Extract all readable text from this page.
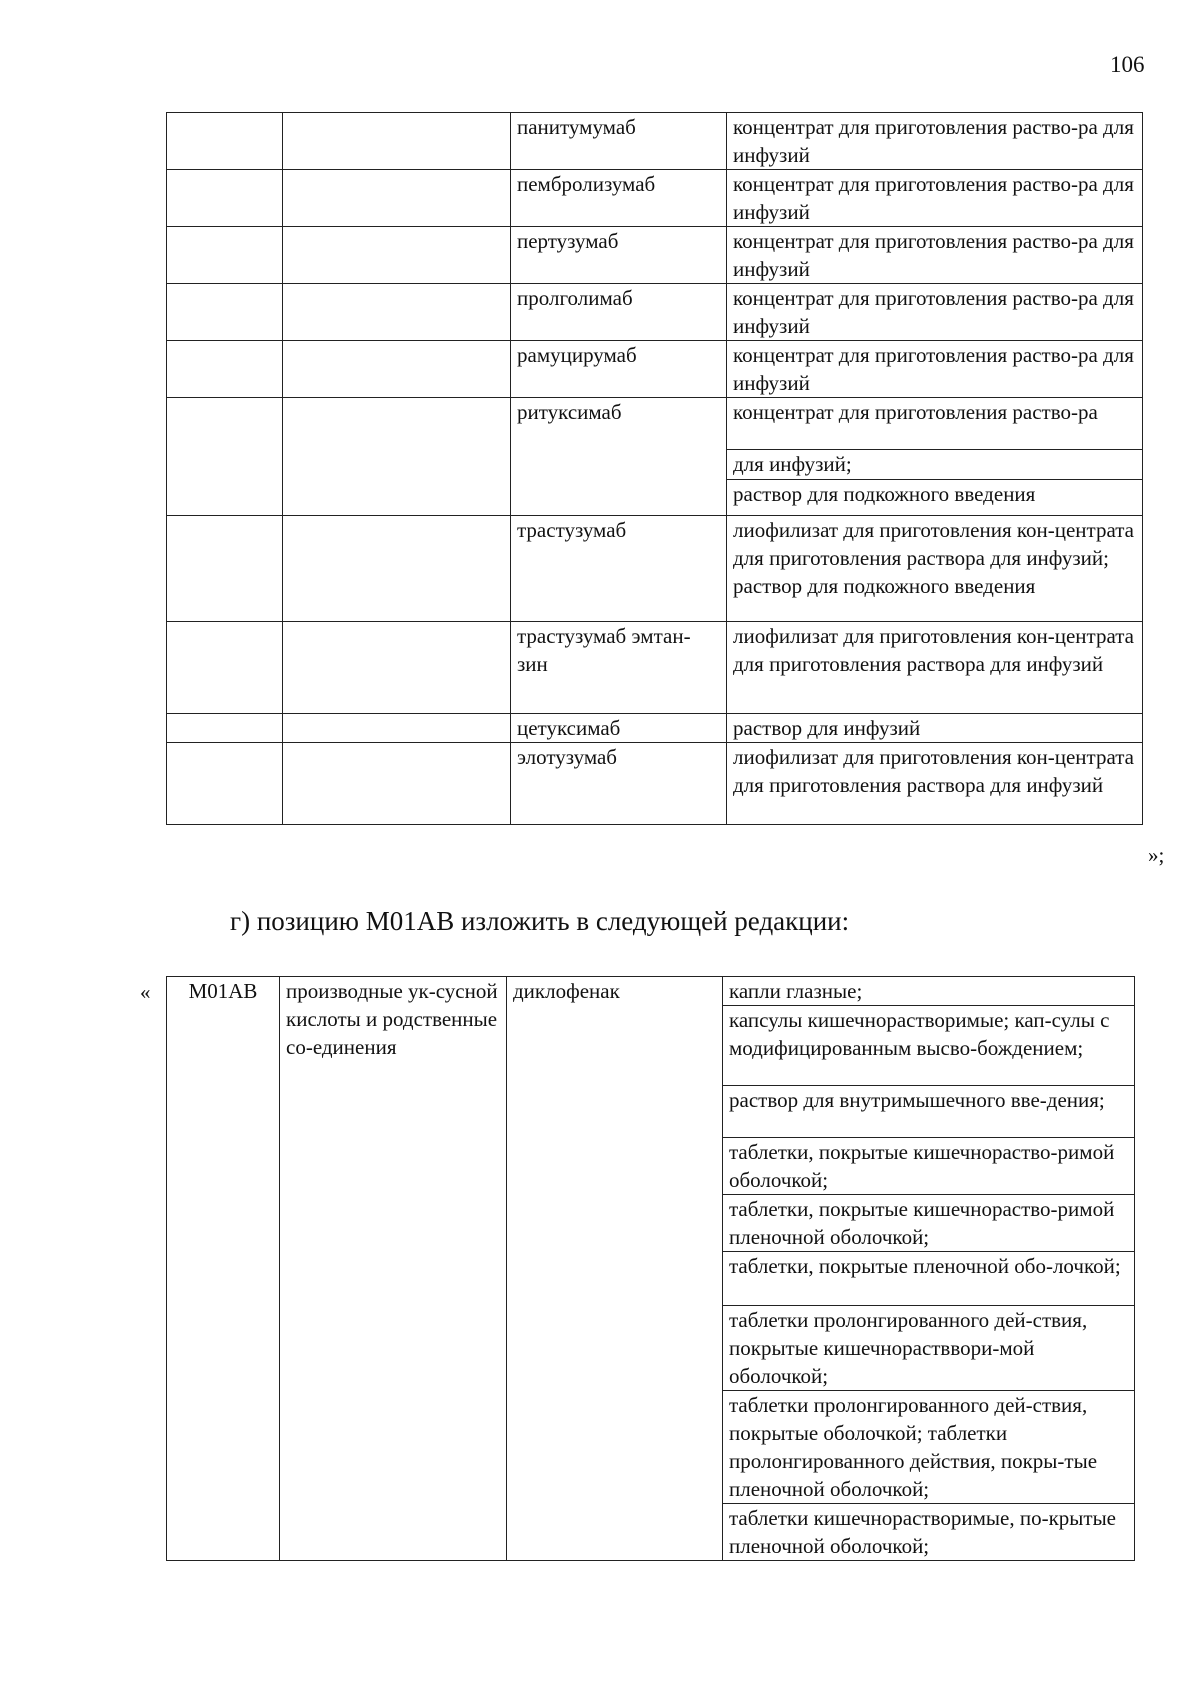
106
		панитумумаб	концентрат для приготовления раство-ра для инфузий
		пембролизумаб	концентрат для приготовления раство-ра для инфузий
		пертузумаб	концентрат для приготовления раство-ра для инфузий
		пролголимаб	концентрат для приготовления раство-ра для инфузий
		рамуцирумаб	концентрат для приготовления раство-ра для инфузий
		ритуксимаб	концентрат для приготовления раство-ра
			для инфузий;
			раствор для подкожного введения
		трастузумаб	лиофилизат для приготовления кон-центрата для приготовления раствора для инфузий; раствор для подкожного введения
		трастузумаб эмтан-зин	лиофилизат для приготовления кон-центрата для приготовления раствора для инфузий
		цетуксимаб	раствор для инфузий
		элотузумаб	лиофилизат для приготовления кон-центрата для приготовления раствора для инфузий
»;
г) позицию M01AB изложить в следующей редакции:
« M01AB	производные ук-сусной кислоты и родственные со-единения	диклофенак	капли глазные;
капсулы кишечнорастворимые; кап-сулы с модифицированным высво-бождением;
раствор для внутримышечного вве-дения;
таблетки, покрытые кишечнораство-римой оболочкой;
таблетки, покрытые кишечнораство-римой пленочной оболочкой;
таблетки, покрытые пленочной обо-лочкой;
таблетки пролонгированного дей-ствия, покрытые кишечнорастввори-мой оболочкой;
таблетки пролонгированного дей-ствия, покрытые оболочкой; таблетки пролонгированного действия, покры-тые пленочной оболочкой;
таблетки кишечнорастворимые, по-крытые пленочной оболочкой;
